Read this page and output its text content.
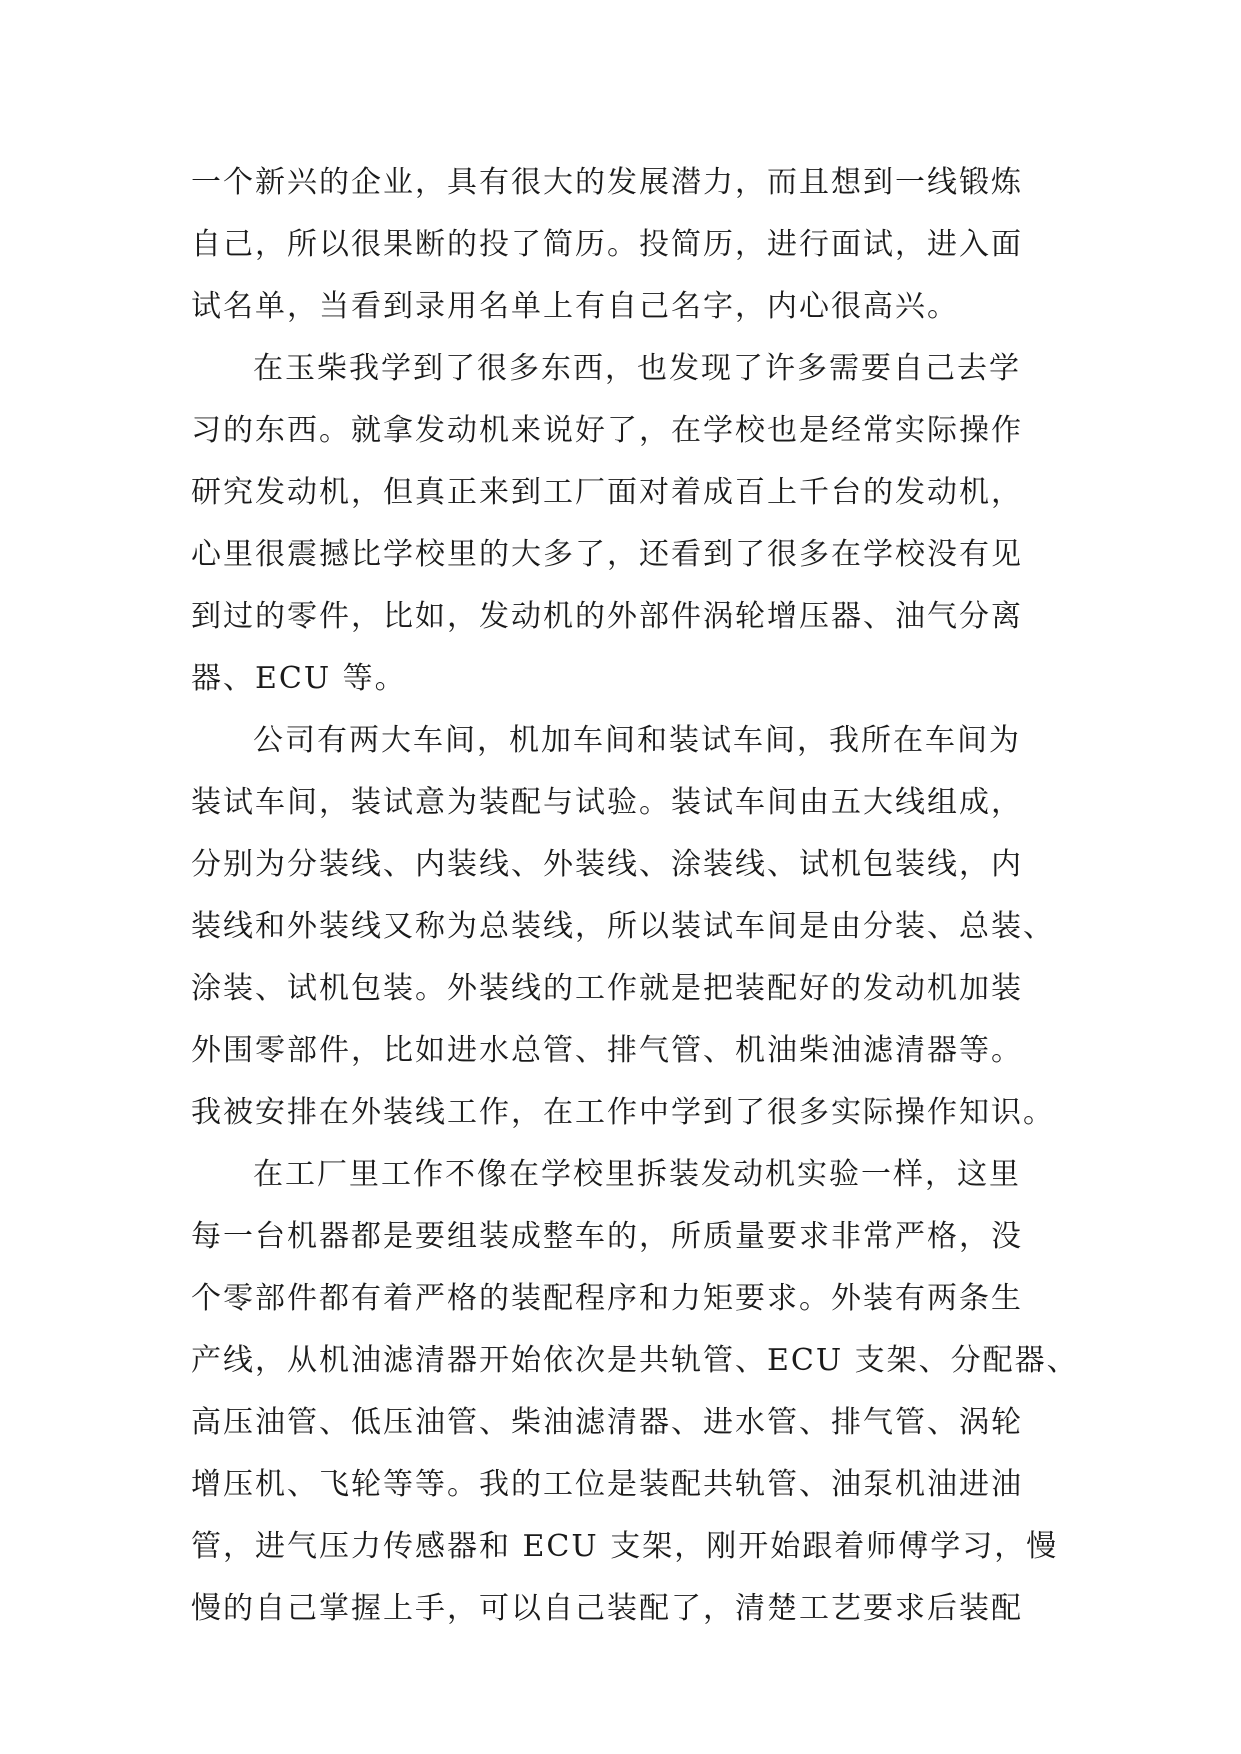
一个新兴的企业，具有很大的发展潜力，而且想到一线锻炼
自己，所以很果断的投了简历。投简历，进行面试，进入面
试名单，当看到录用名单上有自己名字，内心很高兴。
在玉柴我学到了很多东西，也发现了许多需要自己去学
习的东西。就拿发动机来说好了，在学校也是经常实际操作
研究发动机，但真正来到工厂面对着成百上千台的发动机，
心里很震撼比学校里的大多了，还看到了很多在学校没有见
到过的零件，比如，发动机的外部件涡轮增压器、油气分离
器、ECU 等。
公司有两大车间，机加车间和装试车间，我所在车间为
装试车间，装试意为装配与试验。装试车间由五大线组成，
分别为分装线、内装线、外装线、涂装线、试机包装线，内
装线和外装线又称为总装线，所以装试车间是由分装、总装、
涂装、试机包装。外装线的工作就是把装配好的发动机加装
外围零部件，比如进水总管、排气管、机油柴油滤清器等。
我被安排在外装线工作，在工作中学到了很多实际操作知识。
在工厂里工作不像在学校里拆装发动机实验一样，这里
每一台机器都是要组装成整车的，所质量要求非常严格，没
个零部件都有着严格的装配程序和力矩要求。外装有两条生
产线，从机油滤清器开始依次是共轨管、ECU 支架、分配器、
高压油管、低压油管、柴油滤清器、进水管、排气管、涡轮
增压机、飞轮等等。我的工位是装配共轨管、油泵机油进油
管，进气压力传感器和 ECU 支架，刚开始跟着师傅学习，慢
慢的自己掌握上手，可以自己装配了，清楚工艺要求后装配
